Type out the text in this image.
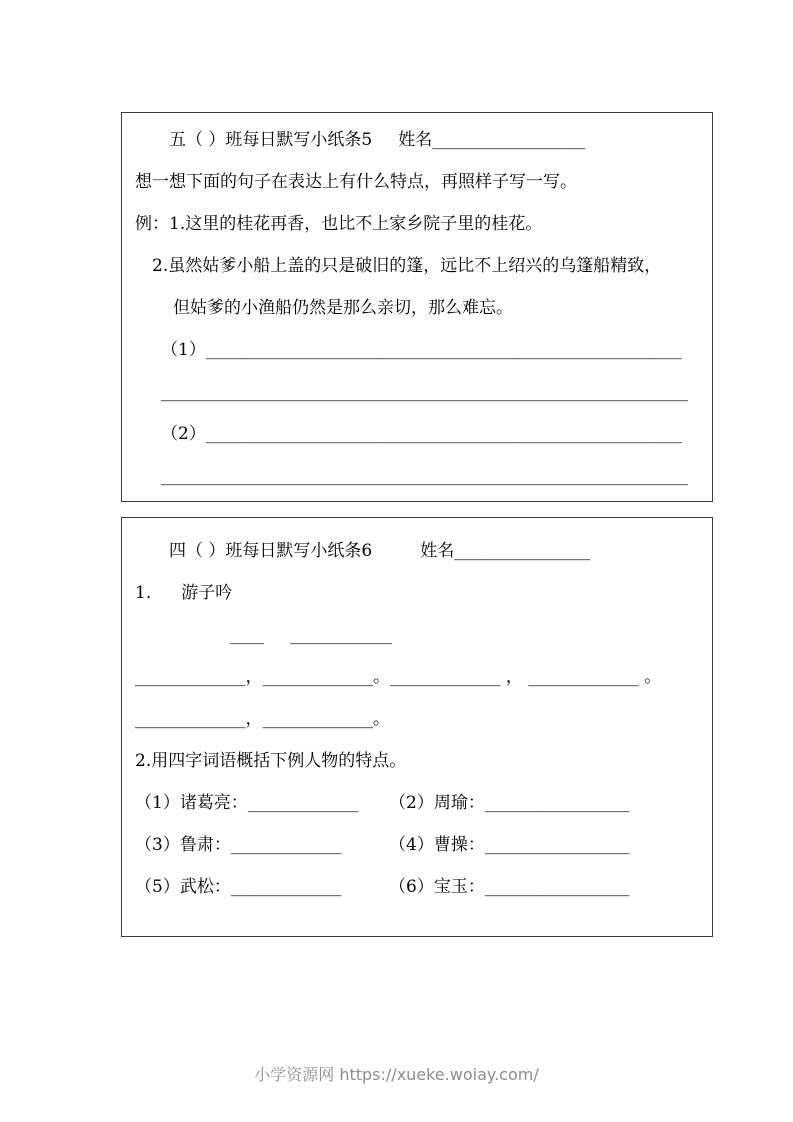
五（ ）班每日默写小纸条5 姓名__________________

想一想下面的句子在表达上有什么特点，再照样子写一写。

例：1.这里的桂花再香，也比不上家乡院子里的桂花。

2.虽然姑爹小船上盖的只是破旧的篷，远比不上绍兴的乌篷船精致，

但姑爹的小渔船仍然是那么亲切，那么难忘。

（1）________________________________________________________

______________________________________________________________

（2）________________________________________________________

______________________________________________________________

四（ ）班每日默写小纸条6	姓名________________

1. 游子吟

____ ____________

_____________，_____________。_____________ ， _____________ 。

_____________，_____________。

2.用四字词语概括下例人物的特点。

（1）诸葛亮：_____________ （2）周瑜：_________________

（3）鲁肃：_____________	（4）曹操：_________________

（5）武松：_____________	（6）宝玉：_________________

小学资源网 https://xueke.woiay.com/
